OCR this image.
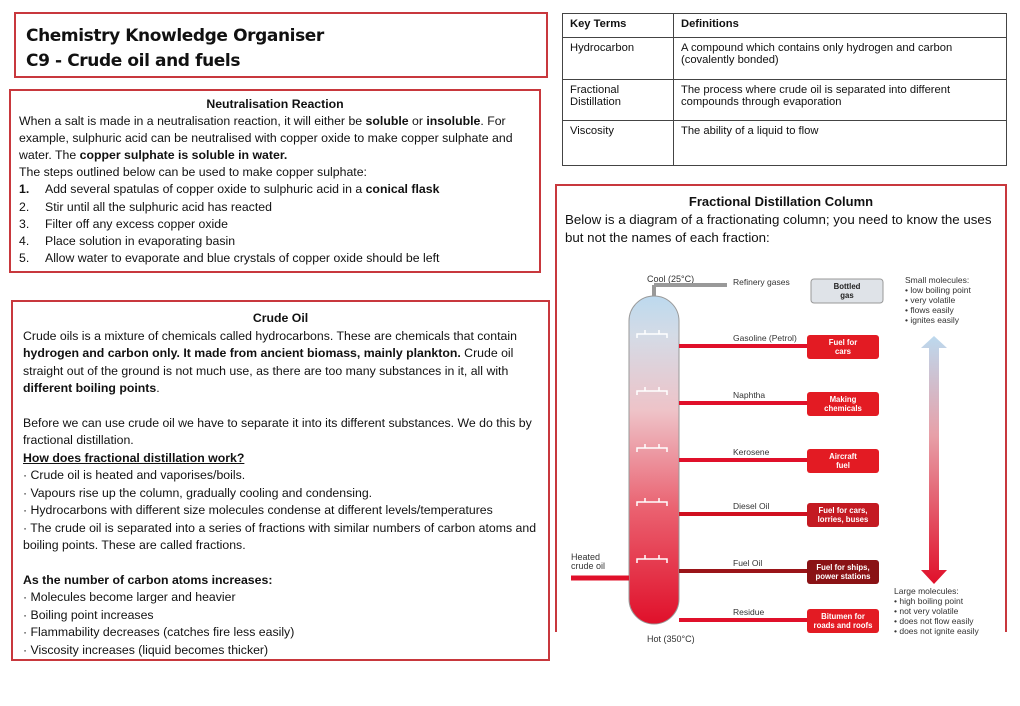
Chemistry Knowledge Organiser
C9 - Crude oil and fuels
Key Terms	Definitions
Hydrocarbon	A compound which contains only hydrogen and carbon (covalently bonded)
Fractional Distillation	The process where crude oil is separated into different compounds through evaporation
Viscosity	The ability of a liquid to flow
Neutralisation Reaction
When a salt is made in a neutralisation reaction, it will either be soluble or insoluble. For example, sulphuric acid can be neutralised with copper oxide to make copper sulphate and water. The copper sulphate is soluble in water.
The steps outlined below can be used to make copper sulphate:
1.	Add several spatulas of copper oxide to sulphuric acid in a conical flask
2.	Stir until all the sulphuric acid has reacted
3.	Filter off any excess copper oxide
4.	Place solution in evaporating basin
5.	Allow water to evaporate and blue crystals of copper oxide should be left
Crude Oil
Crude oils is a mixture of chemicals called hydrocarbons. These are chemicals that contain hydrogen and carbon only. It made from ancient biomass, mainly plankton. Crude oil straight out of the ground is not much use, as there are too many substances in it, all with different boiling points.
Before we can use crude oil we have to separate it into its different substances. We do this by fractional distillation.
How does fractional distillation work?
· Crude oil is heated and vaporises/boils.
· Vapours rise up the column, gradually cooling and condensing.
· Hydrocarbons with different size molecules condense at different levels/temperatures
· The crude oil is separated into a series of fractions with similar numbers of carbon atoms and boiling points. These are called fractions.
As the number of carbon atoms increases:
· Molecules become larger and heavier
· Boiling point increases
· Flammability decreases (catches fire less easily)
· Viscosity increases (liquid becomes thicker)
Fractional Distillation Column
Below is a diagram of a fractionating column; you need to know the uses but not the names of each fraction:
Cool (25°C)
Hot (350°C)
Heated
crude oil
Refinery gases	Bottled
gas
Gasoline (Petrol)	Fuel for
cars
Naphtha	Making
chemicals
Kerosene	Aircraft
fuel
Diesel Oil	Fuel for cars,
lorries, buses
Fuel Oil	Fuel for ships,
power stations
Residue	Bitumen for
roads and roofs
Small molecules:
• low boiling point
• very volatile
• flows easily
• ignites easily
Large molecules:
• high boiling point
• not very volatile
• does not flow easily
• does not ignite easily
